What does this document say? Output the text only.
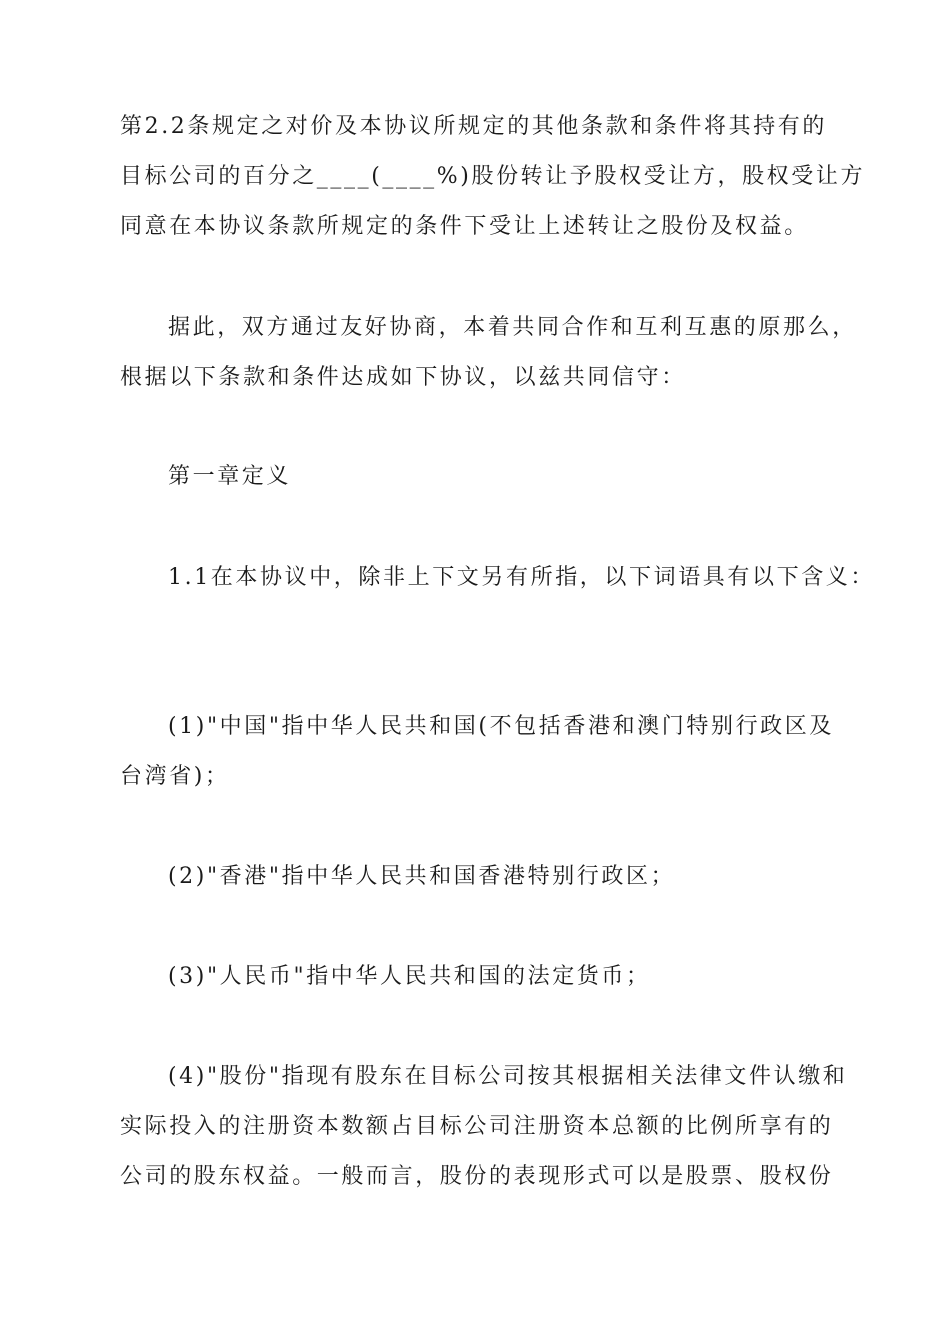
第2.2条规定之对价及本协议所规定的其他条款和条件将其持有的
目标公司的百分之____(____%)股份转让予股权受让方，股权受让方
同意在本协议条款所规定的条件下受让上述转让之股份及权益。
据此，双方通过友好协商，本着共同合作和互利互惠的原那么，
根据以下条款和条件达成如下协议，以兹共同信守：
第一章定义
1.1在本协议中，除非上下文另有所指，以下词语具有以下含义：
(1)"中国"指中华人民共和国(不包括香港和澳门特别行政区及
台湾省)；
(2)"香港"指中华人民共和国香港特别行政区；
(3)"人民币"指中华人民共和国的法定货币；
(4)"股份"指现有股东在目标公司按其根据相关法律文件认缴和
实际投入的注册资本数额占目标公司注册资本总额的比例所享有的
公司的股东权益。一般而言，股份的表现形式可以是股票、股权份
